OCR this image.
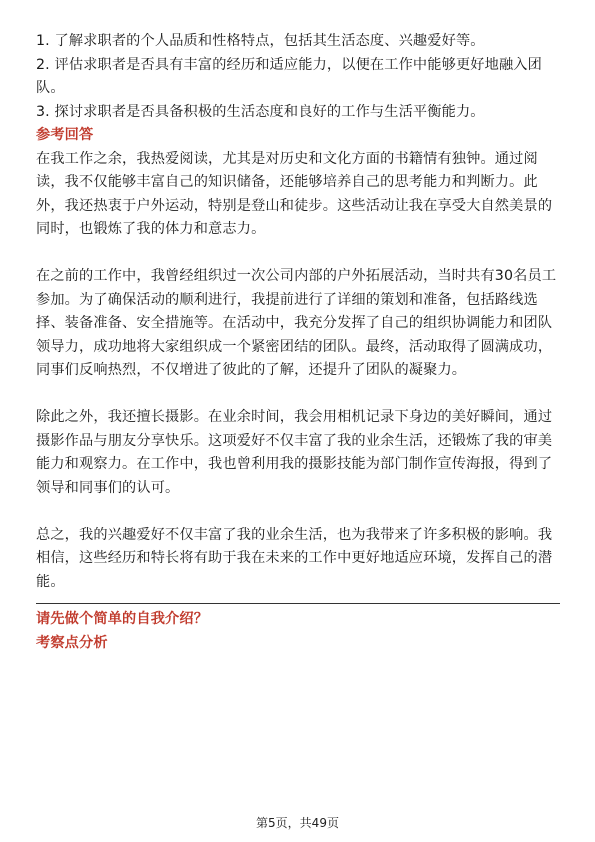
1. 了解求职者的个人品质和性格特点，包括其生活态度、兴趣爱好等。

2. 评估求职者是否具有丰富的经历和适应能力，以便在工作中能够更好地融入团

队。

3. 探讨求职者是否具备积极的生活态度和良好的工作与生活平衡能力。

参考回答

在我工作之余，我热爱阅读，尤其是对历史和文化方面的书籍情有独钟。通过阅

读，我不仅能够丰富自己的知识储备，还能够培养自己的思考能力和判断力。此

外，我还热衷于户外运动，特别是登山和徒步。这些活动让我在享受大自然美景的

同时，也锻炼了我的体力和意志力。

在之前的工作中，我曾经组织过一次公司内部的户外拓展活动，当时共有30名员工

参加。为了确保活动的顺利进行，我提前进行了详细的策划和准备，包括路线选

择、装备准备、安全措施等。在活动中，我充分发挥了自己的组织协调能力和团队

领导力，成功地将大家组织成一个紧密团结的团队。最终，活动取得了圆满成功，

同事们反响热烈，不仅增进了彼此的了解，还提升了团队的凝聚力。

除此之外，我还擅长摄影。在业余时间，我会用相机记录下身边的美好瞬间，通过

摄影作品与朋友分享快乐。这项爱好不仅丰富了我的业余生活，还锻炼了我的审美

能力和观察力。在工作中，我也曾利用我的摄影技能为部门制作宣传海报，得到了

领导和同事们的认可。

总之，我的兴趣爱好不仅丰富了我的业余生活，也为我带来了许多积极的影响。我

相信，这些经历和特长将有助于我在未来的工作中更好地适应环境，发挥自己的潜

能。

请先做个简单的自我介绍？

考察点分析

第5页，共49页
